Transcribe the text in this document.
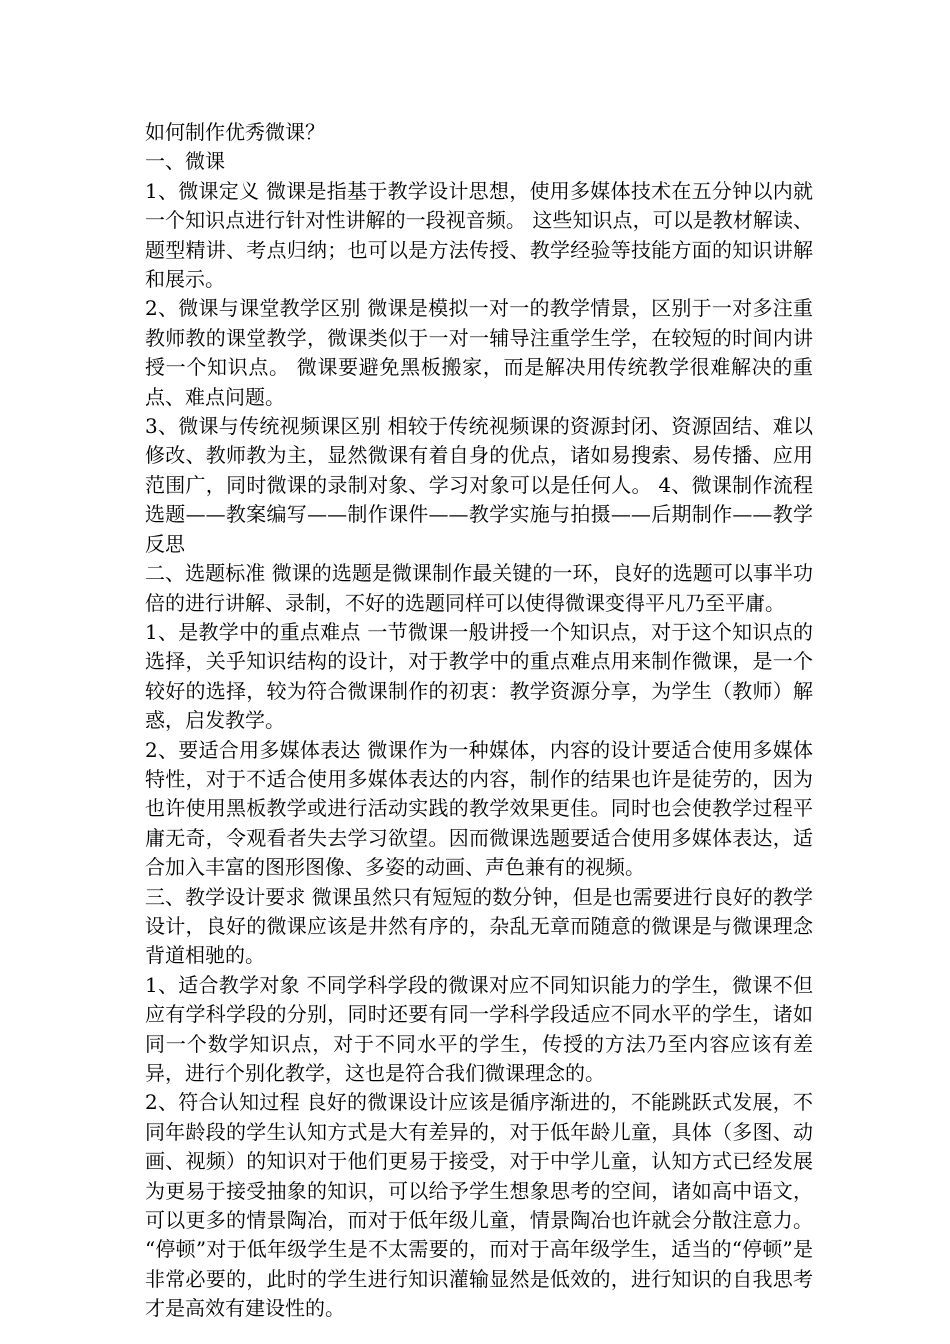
如何制作优秀微课？

一、微课

1、微课定义 微课是指基于教学设计思想，使用多媒体技术在五分钟以内就一个知识点进行针对性讲解的一段视音频。 这些知识点，可以是教材解读、题型精讲、考点归纳；也可以是方法传授、教学经验等技能方面的知识讲解和展示。

2、微课与课堂教学区别 微课是模拟一对一的教学情景，区别于一对多注重教师教的课堂教学，微课类似于一对一辅导注重学生学，在较短的时间内讲授一个知识点。 微课要避免黑板搬家，而是解决用传统教学很难解决的重点、难点问题。

3、微课与传统视频课区别 相较于传统视频课的资源封闭、资源固结、难以修改、教师教为主，显然微课有着自身的优点，诸如易搜索、易传播、应用范围广，同时微课的录制对象、学习对象可以是任何人。 4、微课制作流程 选题——教案编写——制作课件——教学实施与拍摄——后期制作——教学反思

二、选题标准 微课的选题是微课制作最关键的一环，良好的选题可以事半功倍的进行讲解、录制，不好的选题同样可以使得微课变得平凡乃至平庸。

1、是教学中的重点难点 一节微课一般讲授一个知识点，对于这个知识点的选择，关乎知识结构的设计，对于教学中的重点难点用来制作微课，是一个较好的选择，较为符合微课制作的初衷：教学资源分享，为学生（教师）解惑，启发教学。

2、要适合用多媒体表达 微课作为一种媒体，内容的设计要适合使用多媒体特性，对于不适合使用多媒体表达的内容，制作的结果也许是徒劳的，因为也许使用黑板教学或进行活动实践的教学效果更佳。同时也会使教学过程平庸无奇，令观看者失去学习欲望。因而微课选题要适合使用多媒体表达，适合加入丰富的图形图像、多姿的动画、声色兼有的视频。

三、教学设计要求 微课虽然只有短短的数分钟，但是也需要进行良好的教学设计，良好的微课应该是井然有序的，杂乱无章而随意的微课是与微课理念背道相驰的。

1、适合教学对象 不同学科学段的微课对应不同知识能力的学生，微课不但应有学科学段的分别，同时还要有同一学科学段适应不同水平的学生，诸如同一个数学知识点，对于不同水平的学生，传授的方法乃至内容应该有差异，进行个别化教学，这也是符合我们微课理念的。

2、符合认知过程 良好的微课设计应该是循序渐进的，不能跳跃式发展，不同年龄段的学生认知方式是大有差异的，对于低年龄儿童，具体（多图、动画、视频）的知识对于他们更易于接受，对于中学儿童，认知方式已经发展为更易于接受抽象的知识，可以给予学生想象思考的空间，诸如高中语文，可以更多的情景陶冶，而对于低年级儿童，情景陶冶也许就会分散注意力。 “停顿”对于低年级学生是不太需要的，而对于高年级学生，适当的“停顿”是非常必要的，此时的学生进行知识灌输显然是低效的，进行知识的自我思考才是高效有建设性的。
